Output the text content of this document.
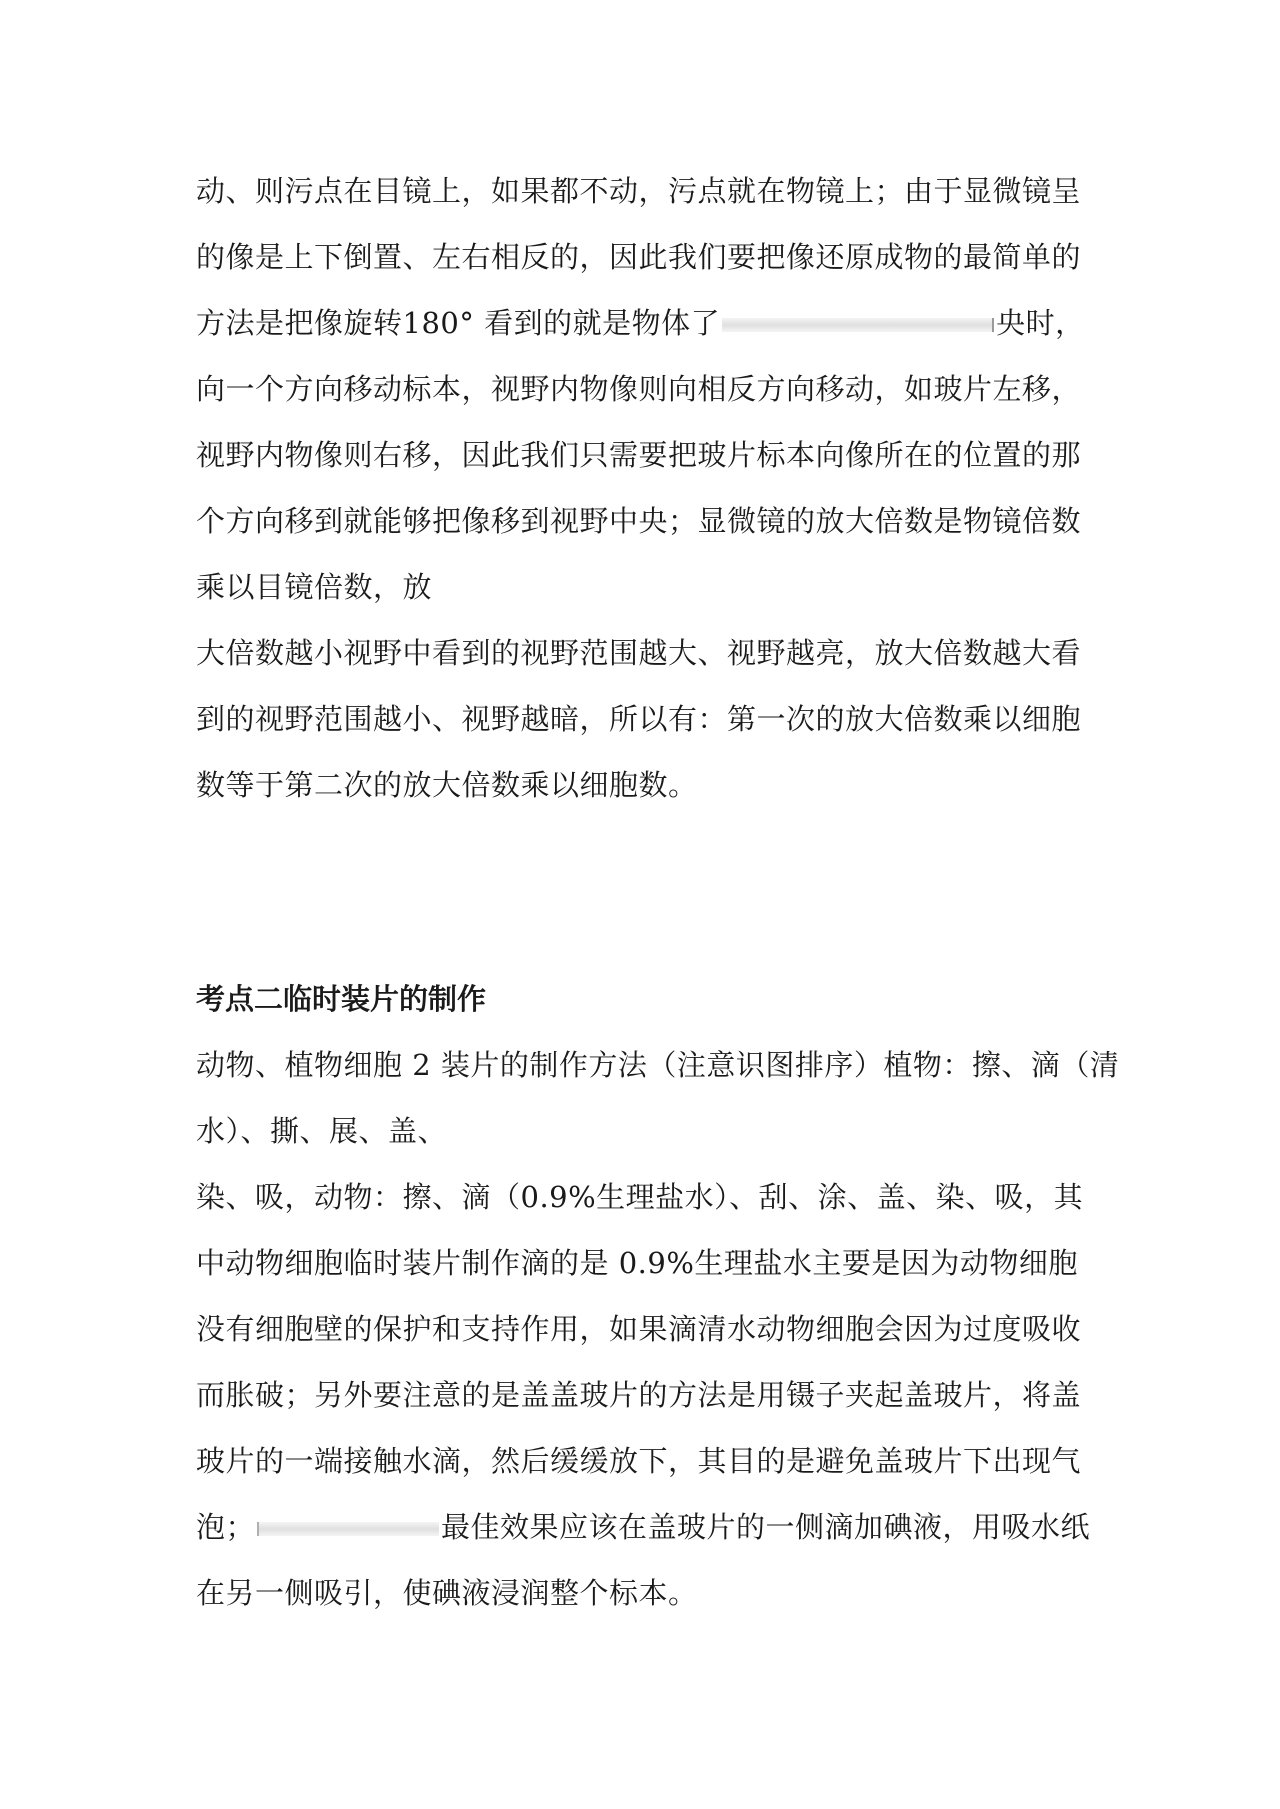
动、则污点在目镜上，如果都不动，污点就在物镜上；由于显微镜呈
的像是上下倒置、左右相反的，因此我们要把像还原成物的最简单的
方法是把像旋转180° 看到的就是物体了	央时，
向一个方向移动标本，视野内物像则向相反方向移动，如玻片左移，
视野内物像则右移，因此我们只需要把玻片标本向像所在的位置的那
个方向移到就能够把像移到视野中央；显微镜的放大倍数是物镜倍数
乘以目镜倍数，放
大倍数越小视野中看到的视野范围越大、视野越亮，放大倍数越大看
到的视野范围越小、视野越暗，所以有：第一次的放大倍数乘以细胞
数等于第二次的放大倍数乘以细胞数。
考点二临时装片的制作
动物、植物细胞 2 装片的制作方法（注意识图排序）植物：擦、滴（清
水）、撕、展、盖、
染、吸，动物：擦、滴（0.9%生理盐水）、刮、涂、盖、染、吸，其
中动物细胞临时装片制作滴的是 0.9%生理盐水主要是因为动物细胞
没有细胞壁的保护和支持作用，如果滴清水动物细胞会因为过度吸收
而胀破；另外要注意的是盖盖玻片的方法是用镊子夹起盖玻片，将盖
玻片的一端接触水滴，然后缓缓放下，其目的是避免盖玻片下出现气
泡；	最佳效果应该在盖玻片的一侧滴加碘液，用吸水纸
在另一侧吸引，使碘液浸润整个标本。
